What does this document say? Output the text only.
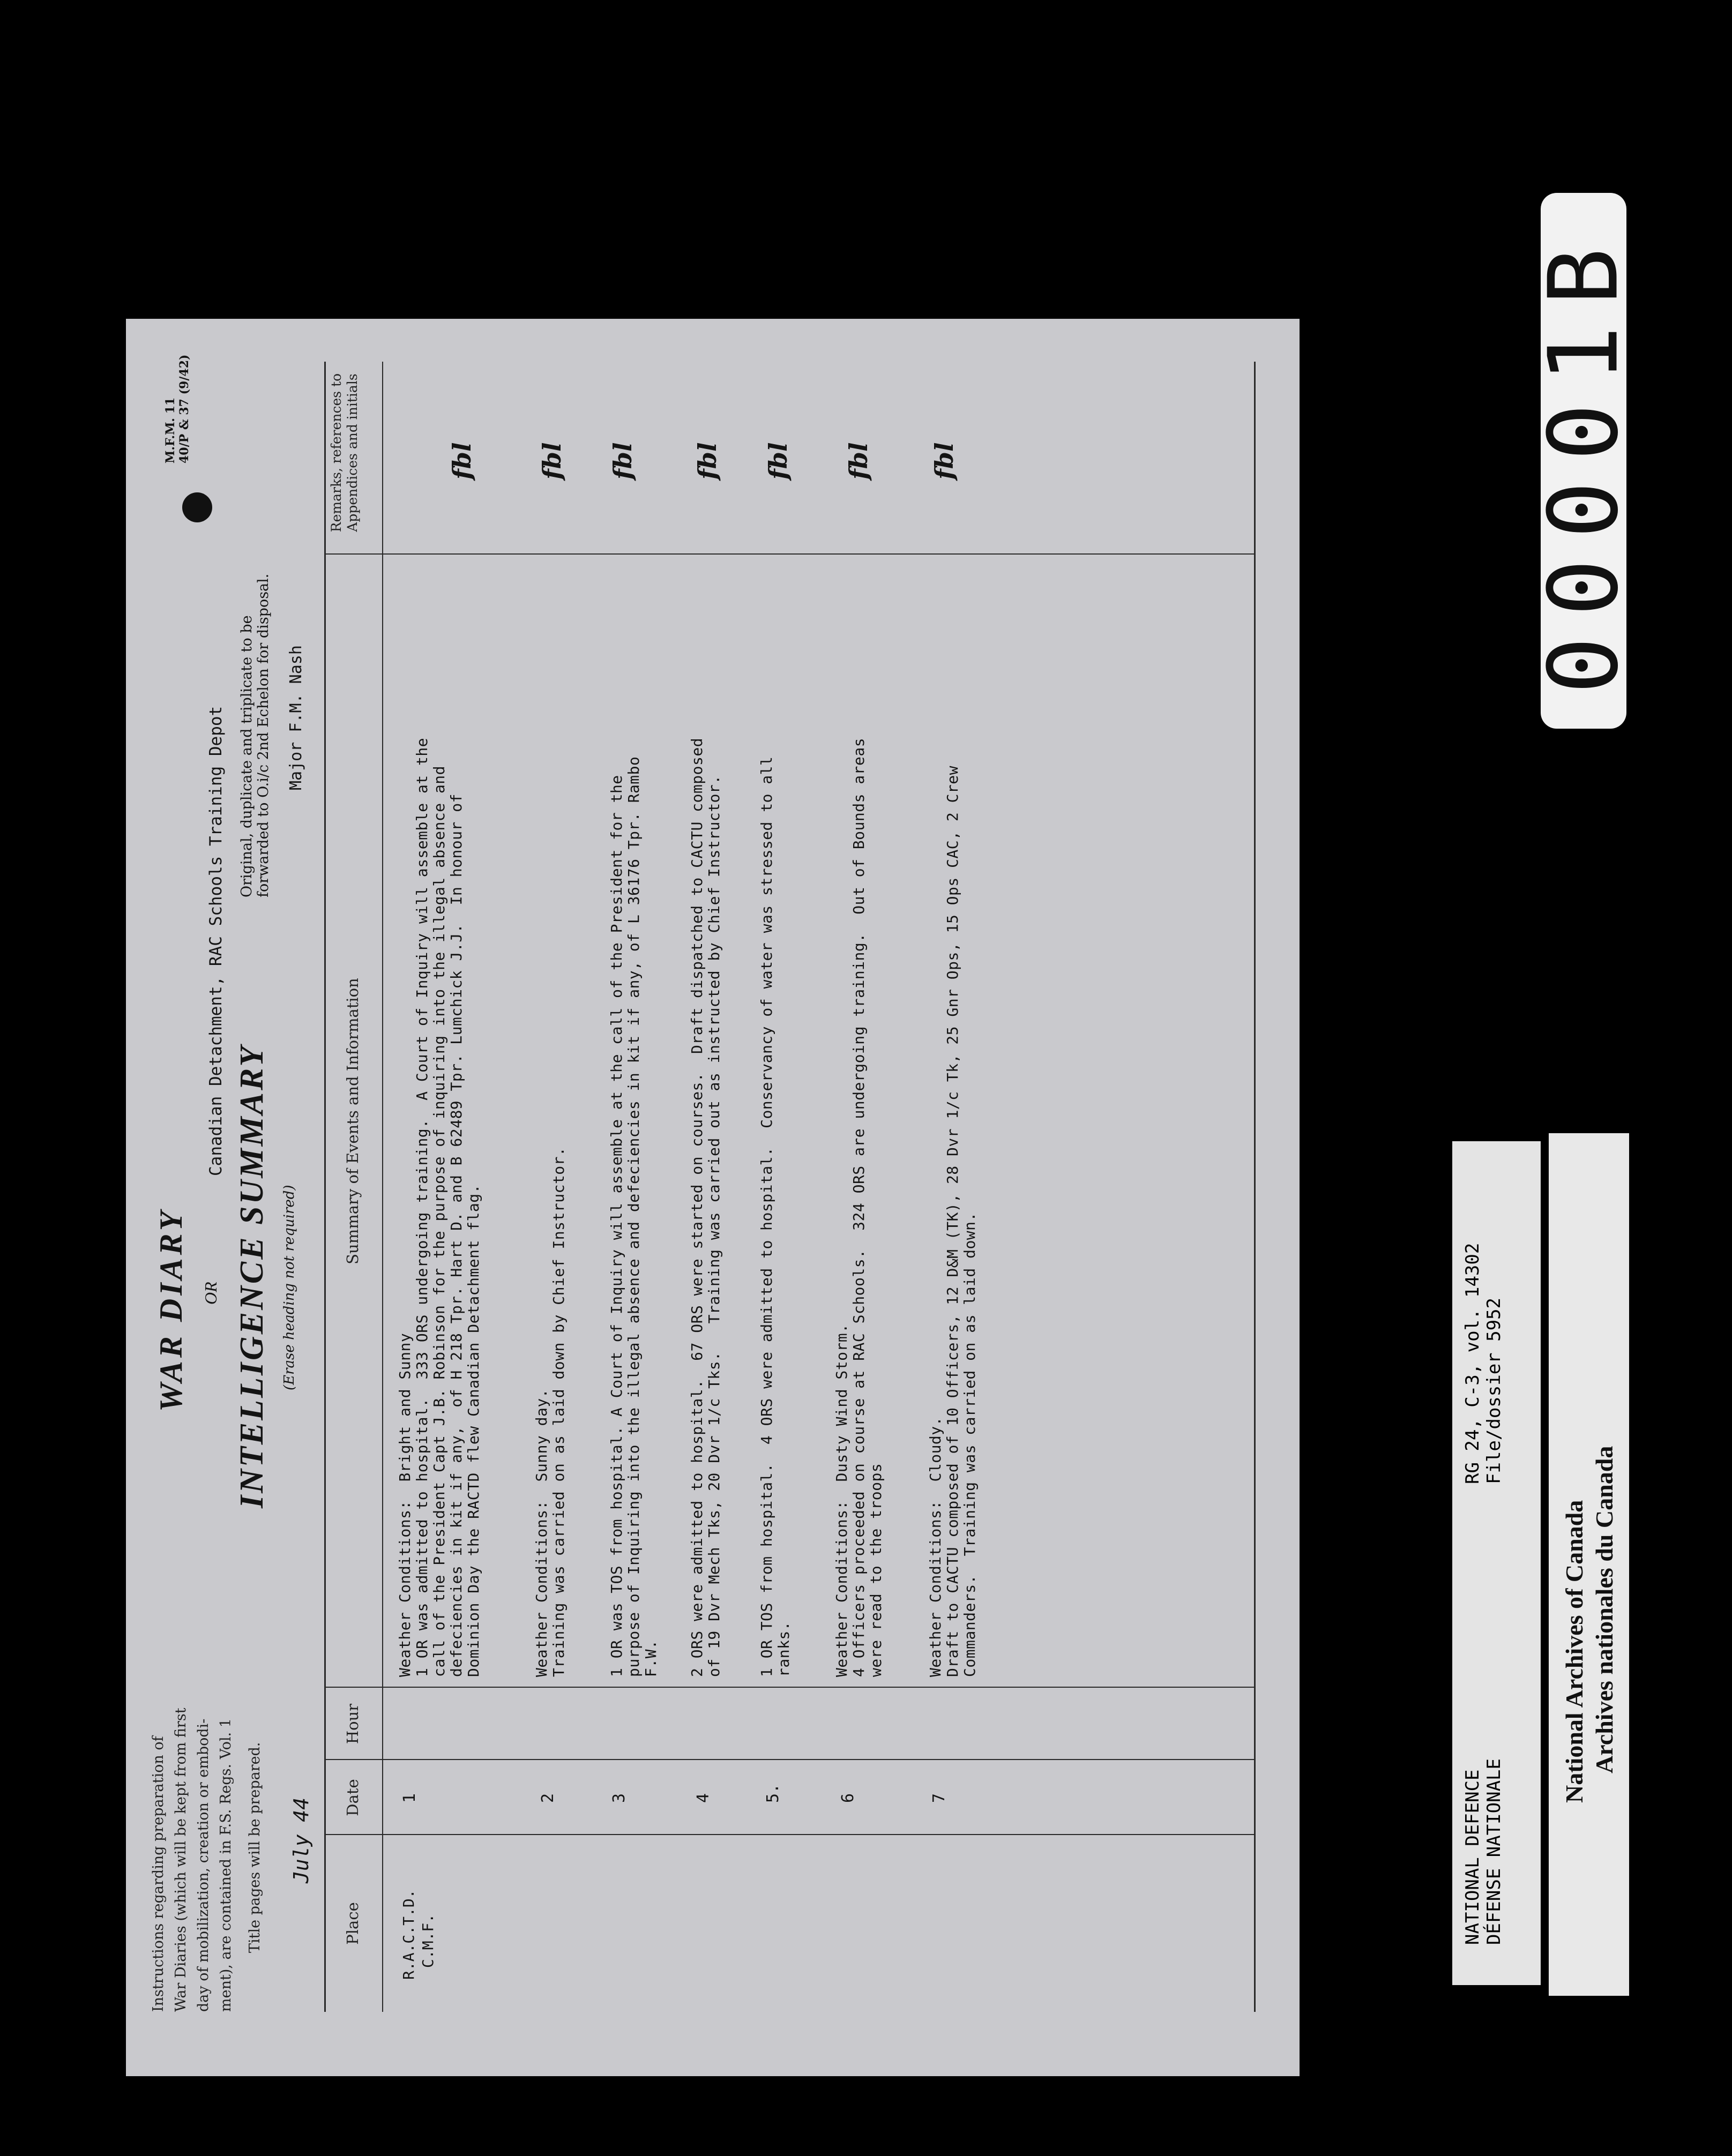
Instructions regarding preparation of War Diaries (which will be kept from first day of mobilization, creation or embodi- ment), are contained in F.S. Regs. Vol. 1 Title pages will be prepared.
WAR DIARY OR INTELLIGENCE SUMMARY (Erase heading not required)
July 44
Canadian Detachment, RAC Schools Training Depot Original, duplicate and triplicate to be forwarded to O.i/c 2nd Echelon for disposal. Major F.M. Nash
M.F.M. 11 40/P & 37 (9/42)
Place
Date
Hour
Summary of Events and Information
Remarks, references to Appendices and initials
R.A.C.T.D. C.M.F.
1
Weather Conditions:  Bright and Sunny
1 OR was admitted to hospital.  333 ORS undergoing training.  A Court of Inquiry will assemble at the
call of the President Capt J.B. Robinson for the purpose of inquiring into the illegal absence and
defeciencies in kit if any,  of H 218 Tpr. Hart D. and B 62489 Tpr. Lumchick J.J.  In honour of
Dominion Day the RACTD flew Canadian Detachment flag.
fbl
2
Weather Conditions:  Sunny day.
Training was carried on as laid down by Chief Instructor.
fbl
3
1 OR was TOS from hospital. A Court of Inquiry will assemble at the call of the President for the
purpose of Inquiring into the illegal absence and defeciencies in kit if any, of L 36176 Tpr. Rambo
F.W.
fbl
4
2 ORS were admitted to hospital.  67 ORS were started on courses.  Draft dispatched to CACTU composed
of 19 Dvr Mech Tks, 20 Dvr 1/c Tks.   Training was carried out as instructed by Chief Instructor.
fbl
5.
1 OR TOS from hospital.  4 ORS were admitted to hospital.  Conservancy of water was stressed to all
ranks.
fbl
6
Weather Conditions:  Dusty Wind Storm.
4 Officers proceeded on course at RAC Schools.  324 ORS are undergoing training.  Out of Bounds areas
were read to the troops
fbl
7
Weather Conditions:  Cloudy.
Draft to CACTU composed of 10 Officers, 12 D&M (TK), 28 Dvr 1/c Tk, 25 Gnr Ops, 15 Ops CAC, 2 Crew
Commanders.  Training was carried on as laid down.
fbl	00001B
NATIONAL DEFENCE DÉFENSE NATIONALE
RG 24, C-3, vol. 14302 File/dossier 5952
National Archives of Canada Archives nationales du Canada
